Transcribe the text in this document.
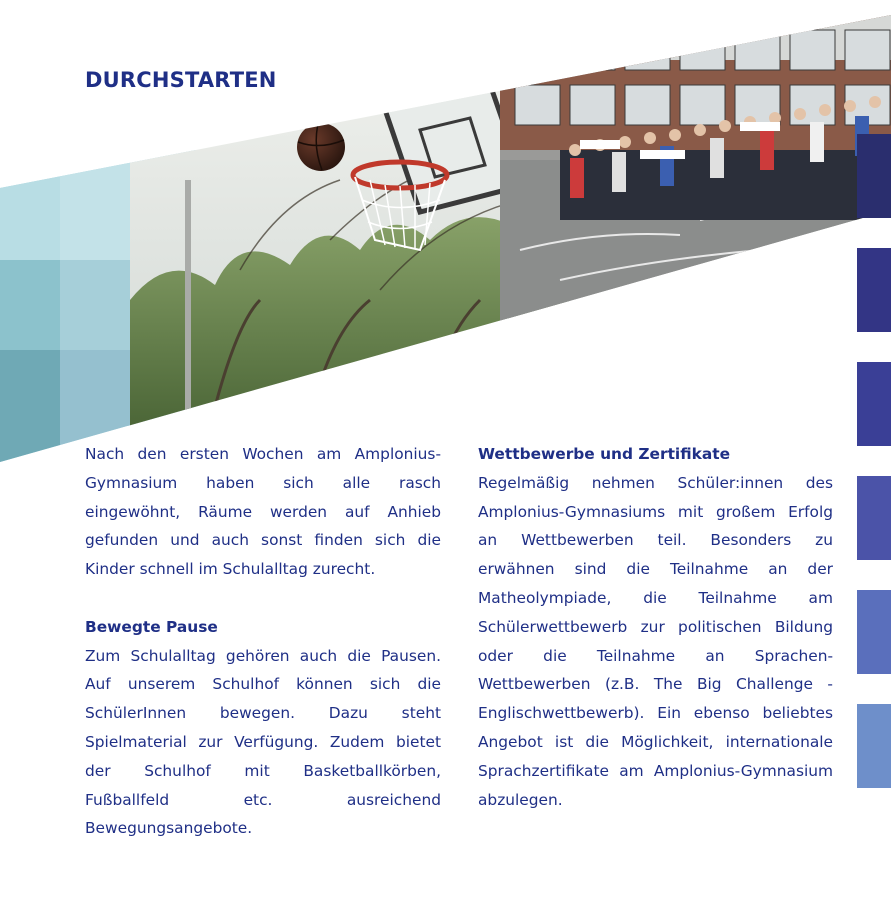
DURCHSTARTEN

Nach den ersten Wochen am Amplonius-Gymnasium haben sich alle rasch eingewöhnt, Räume werden auf Anhieb gefunden und auch sonst finden sich die Kinder schnell im Schulalltag zurecht.

Bewegte Pause

Zum Schulalltag gehören auch die Pausen. Auf unserem Schulhof können sich die SchülerInnen bewegen. Dazu steht Spielmaterial zur Verfügung. Zudem bietet der Schulhof mit Basketballkörben, Fußballfeld etc. ausreichend Bewegungsangebote.

Wettbewerbe und Zertifikate

Regelmäßig nehmen Schüler:innen des Amplonius-Gymnasiums mit großem Erfolg an Wettbewerben teil. Besonders zu erwähnen sind die Teilnahme an der Matheolympiade, die Teilnahme am Schülerwettbewerb zur politischen Bildung oder die Teilnahme an Sprachen-Wettbewerben (z.B. The Big Challenge - Englischwettbewerb). Ein ebenso beliebtes Angebot ist die Möglichkeit, internationale Sprachzertifikate am Amplonius-Gymnasium abzulegen.
